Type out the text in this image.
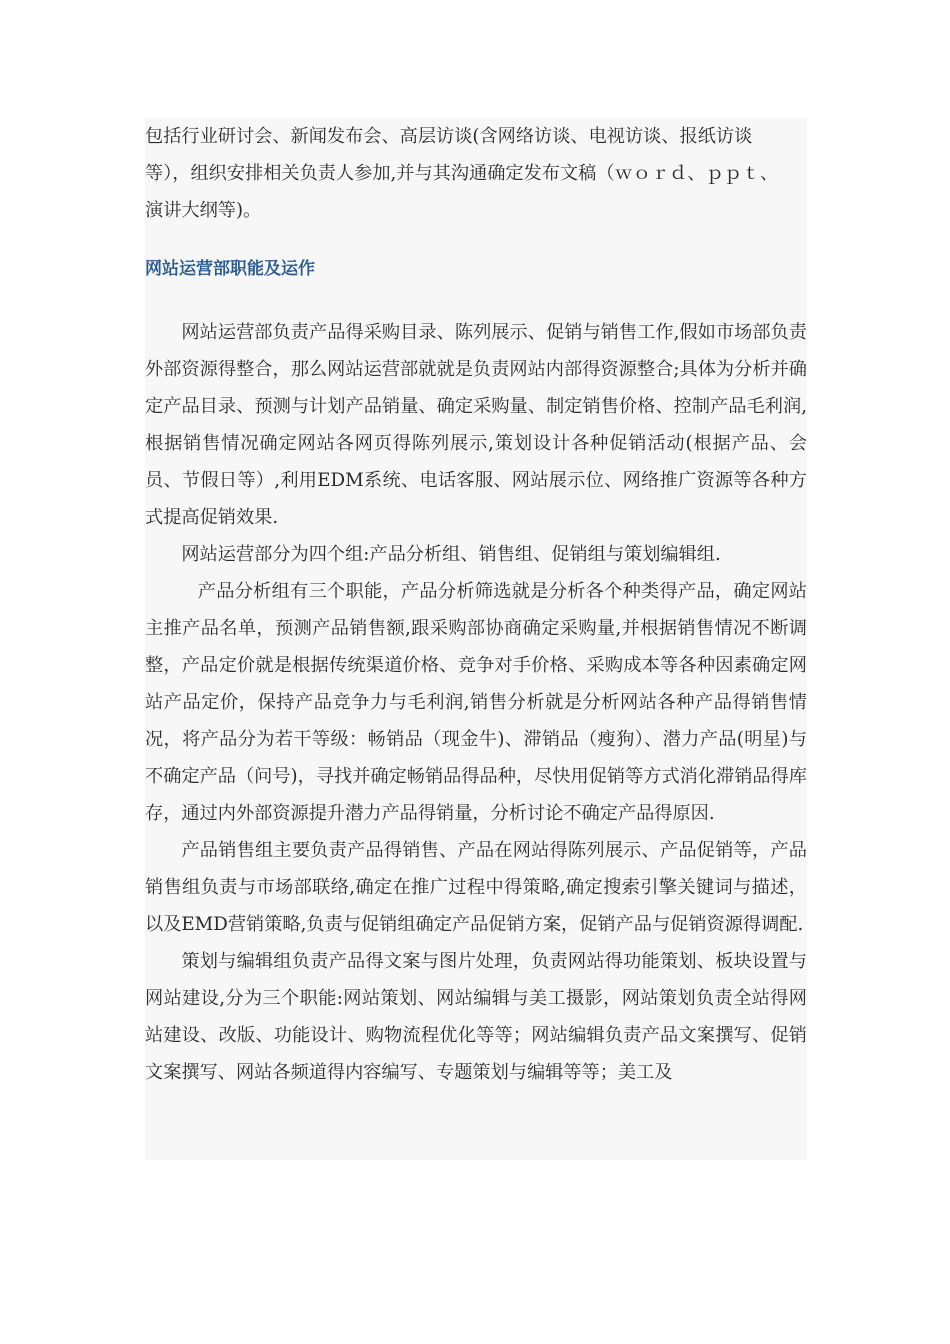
包括行业研讨会、新闻发布会、高层访谈(含网络访谈、电视访谈、报纸访谈
等），组织安排相关负责人参加,并与其沟通确定发布文稿（ｗｏｒｄ、ｐｐｔ、
演讲大纲等)。

网站运营部职能及运作

网站运营部负责产品得采购目录、陈列展示、促销与销售工作,假如市场部负责外部资源得整合，那么网站运营部就就是负责网站内部得资源整合;具体为分析并确定产品目录、预测与计划产品销量、确定采购量、制定销售价格、控制产品毛利润,根据销售情况确定网站各网页得陈列展示,策划设计各种促销活动(根据产品、会员、节假日等）,利用EDM系统、电话客服、网站展示位、网络推广资源等各种方式提高促销效果.

网站运营部分为四个组:产品分析组、销售组、促销组与策划编辑组.

产品分析组有三个职能，产品分析筛选就是分析各个种类得产品，确定网站主推产品名单，预测产品销售额,跟采购部协商确定采购量,并根据销售情况不断调整，产品定价就是根据传统渠道价格、竞争对手价格、采购成本等各种因素确定网站产品定价，保持产品竞争力与毛利润,销售分析就是分析网站各种产品得销售情况，将产品分为若干等级：畅销品（现金牛)、滞销品（瘦狗）、潜力产品(明星)与不确定产品（问号)，寻找并确定畅销品得品种，尽快用促销等方式消化滞销品得库存，通过内外部资源提升潜力产品得销量，分析讨论不确定产品得原因.

产品销售组主要负责产品得销售、产品在网站得陈列展示、产品促销等，产品销售组负责与市场部联络,确定在推广过程中得策略,确定搜索引擎关键词与描述，以及EMD营销策略,负责与促销组确定产品促销方案，促销产品与促销资源得调配.

策划与编辑组负责产品得文案与图片处理，负责网站得功能策划、板块设置与网站建设,分为三个职能:网站策划、网站编辑与美工摄影，网站策划负责全站得网站建设、改版、功能设计、购物流程优化等等；网站编辑负责产品文案撰写、促销文案撰写、网站各频道得内容编写、专题策划与编辑等等；美工及
